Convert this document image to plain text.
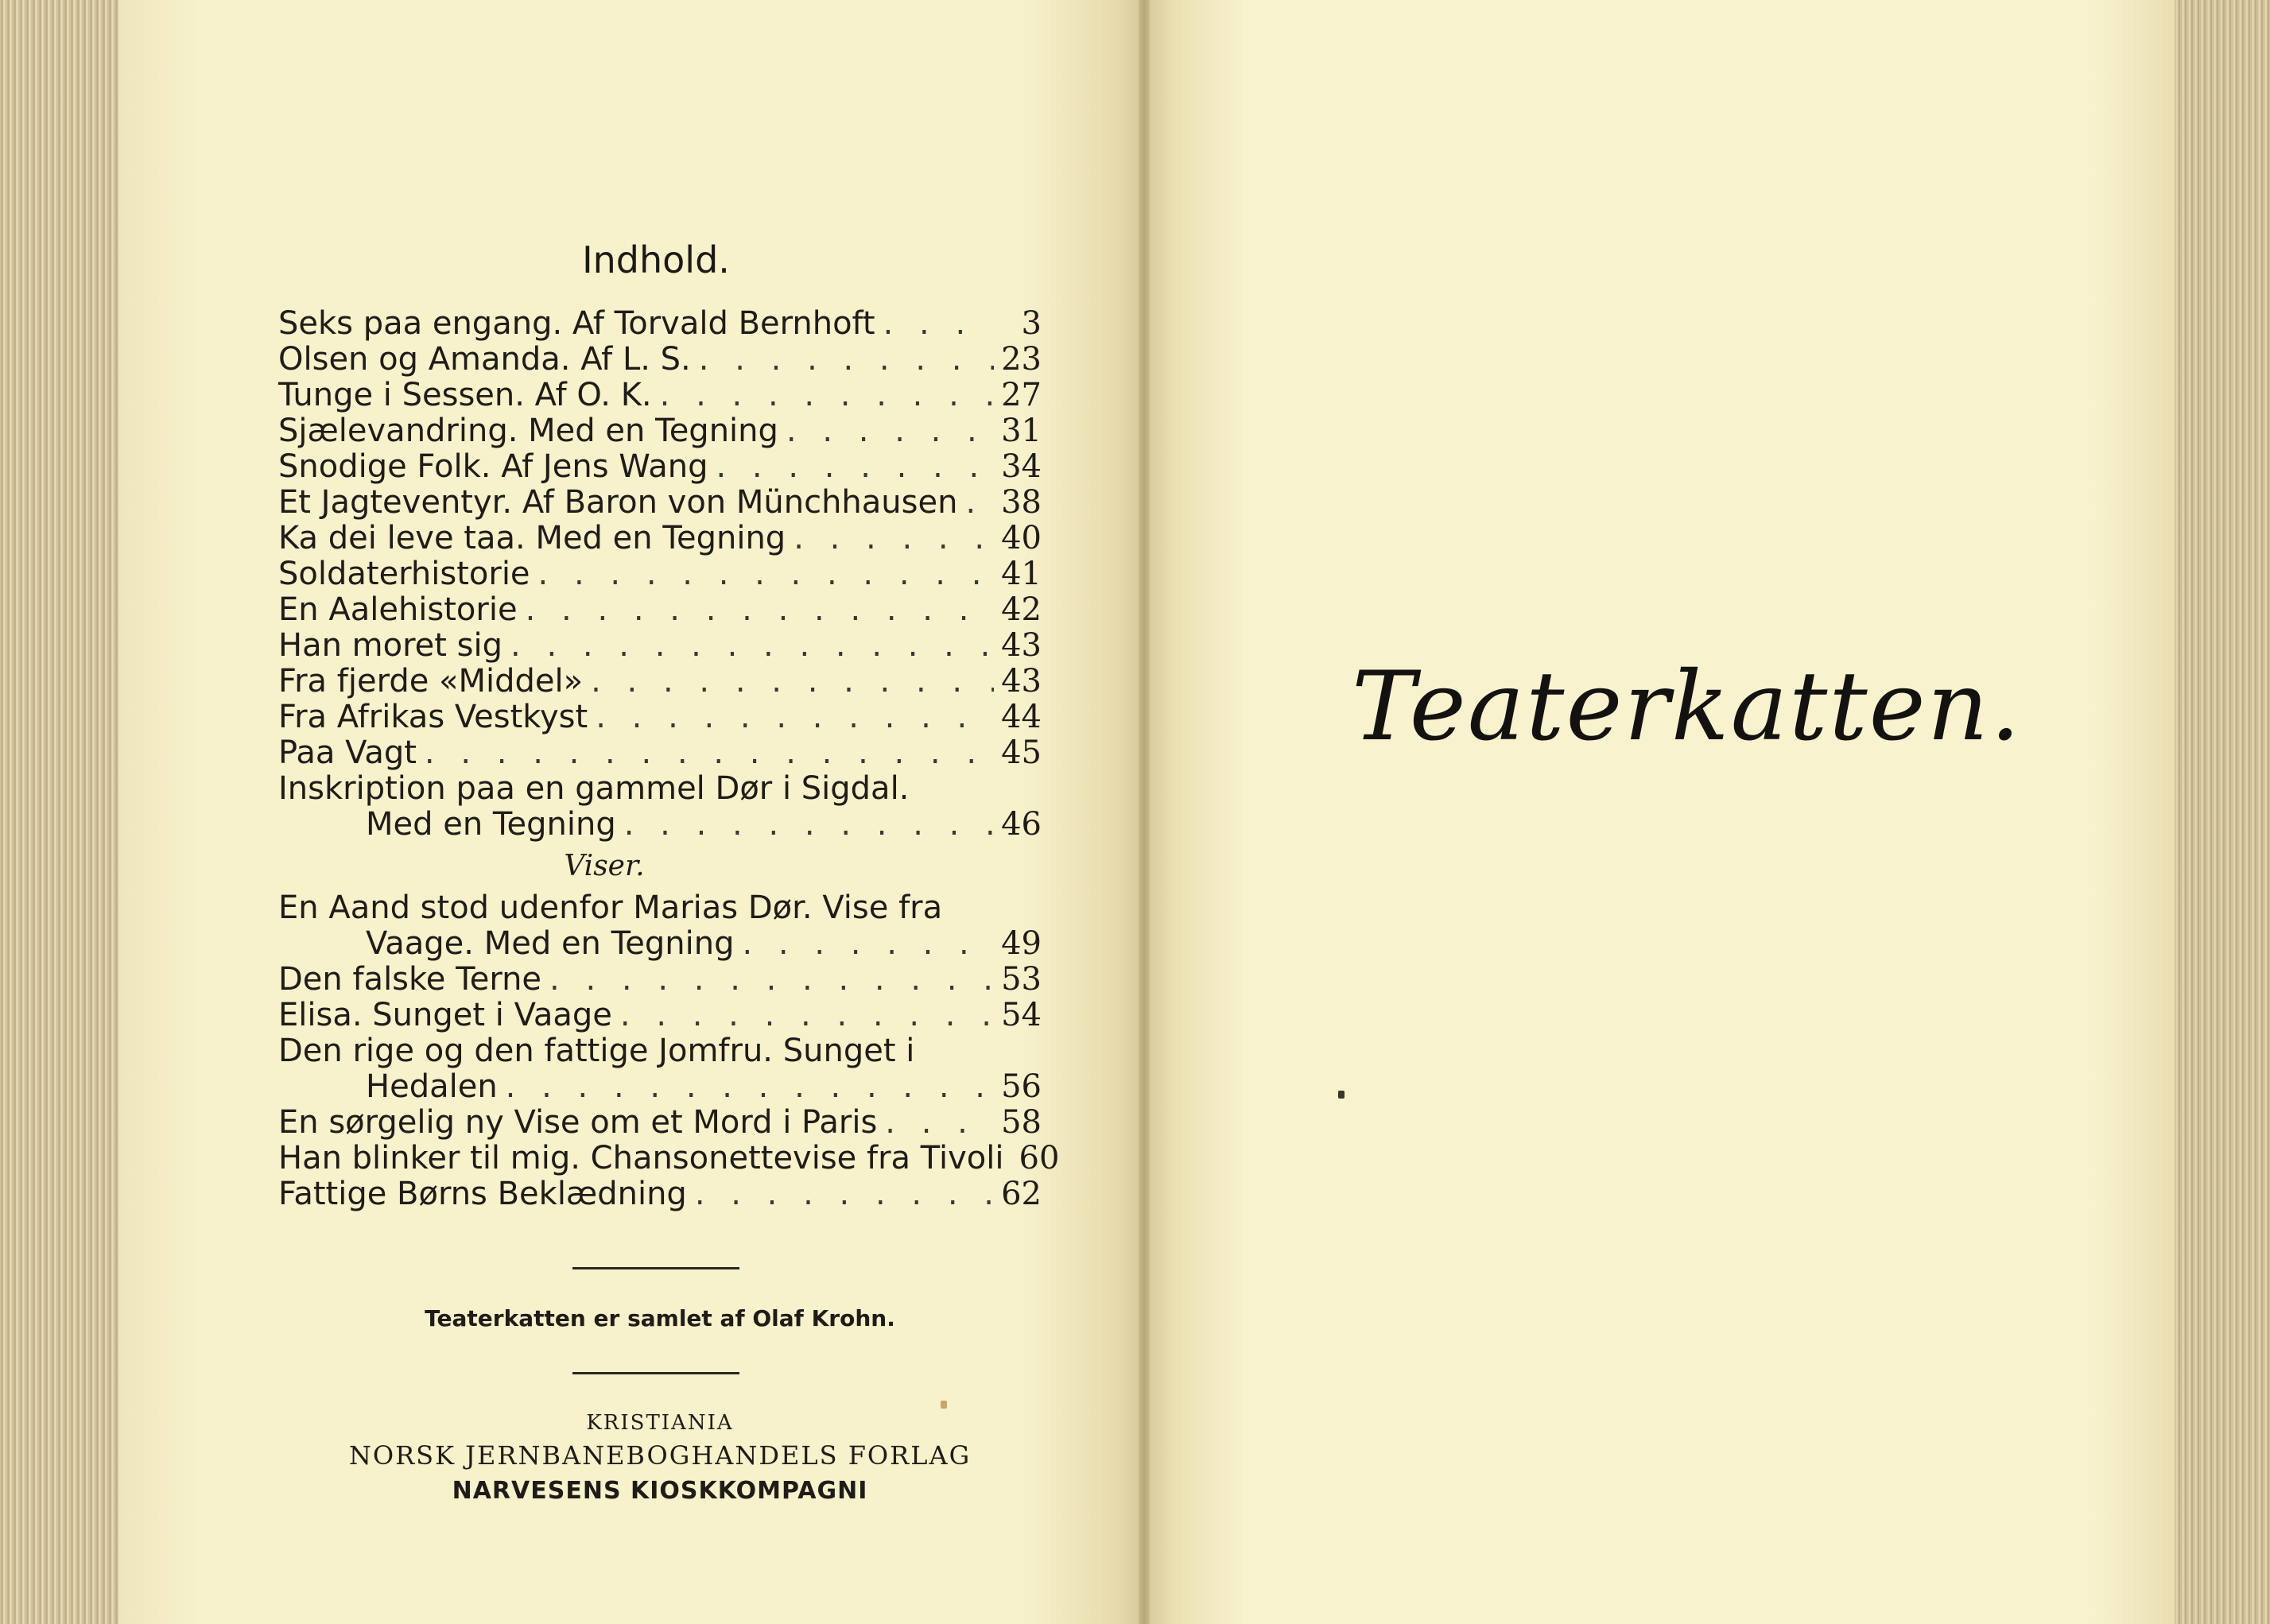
Indhold.
Seks paa engang. Af Torvald Bernhoft . . .	3
Olsen og Amanda. Af L. S. . . .	23
Tunge i Sessen. Af O. K. . . .	27
Sjælevandring. Med en Tegning . . .	31
Snodige Folk. Af Jens Wang . . .	34
Et Jagteventyr. Af Baron von Münchhausen . . . 38
Ka dei leve taa. Med en Tegning . . .	40
Soldaterhistorie . . .	41
En Aalehistorie . . .	42
Han moret sig . . .	43
Fra fjerde «Middel» . . .	43
Fra Afrikas Vestkyst . . .	44
Paa Vagt . . .	45
Inskription paa en gammel Dør i Sigdal.
Med en Tegning . . .	46
Viser.
En Aand stod udenfor Marias Dør. Vise fra
Vaage. Med en Tegning . . .	49
Den falske Terne . . .	53
Elisa. Sunget i Vaage . . .	54
Den rige og den fattige Jomfru. Sunget i
Hedalen . . .	56
En sørgelig ny Vise om et Mord i Paris . . .	58
Han blinker til mig. Chansonettevise fra Tivoli 60
Fattige Børns Beklædning . . .	62
Teaterkatten er samlet af Olaf Krohn.
KRISTIANIA
NORSK JERNBANEBOGHANDELS FORLAG
NARVESENS KIOSKKOMPAGNI
Teaterkatten.
